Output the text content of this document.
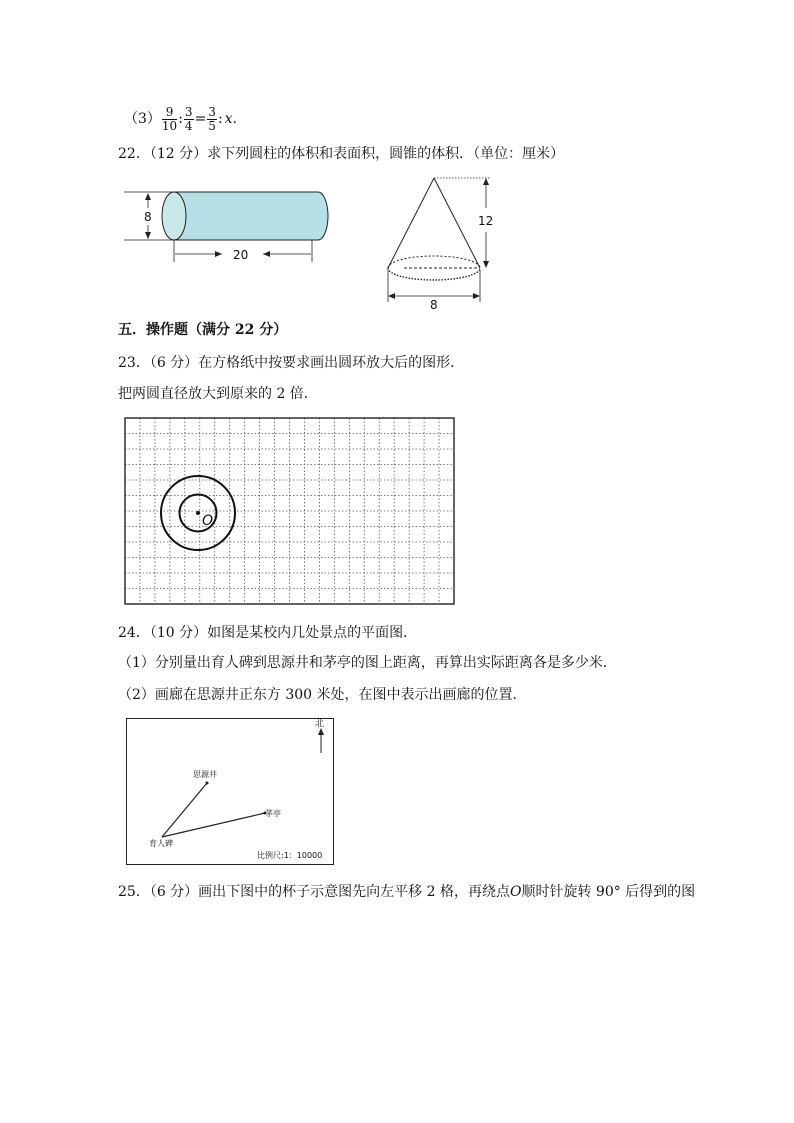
$(3) \frac{9}{10}$ : $\frac{3}{4} = \frac{3}{5}$ : x ．
22．（12 分）求下列圆柱的体积和表面积，圆锥的体积．（单位：厘米）
8
20
12
8
五．操作题（满分 22 分）
23．（6 分）在方格纸中按要求画出圆环放大后的图形．
把两圆直径放大到原来的 2 倍．
O
24．（10 分）如图是某校内几处景点的平面图．
（1）分别量出育人碑到思源井和茅亭的图上距离，再算出实际距离各是多少米．
（2）画廊在思源井正东方 300 米处，在图中表示出画廊的位置．
北
思源井
茅亭
育人碑
比例尺:1：10000
25．（6 分）画出下图中的杯子示意图先向左平移 2 格，再绕点O顺时针旋转 90° 后得到的图
